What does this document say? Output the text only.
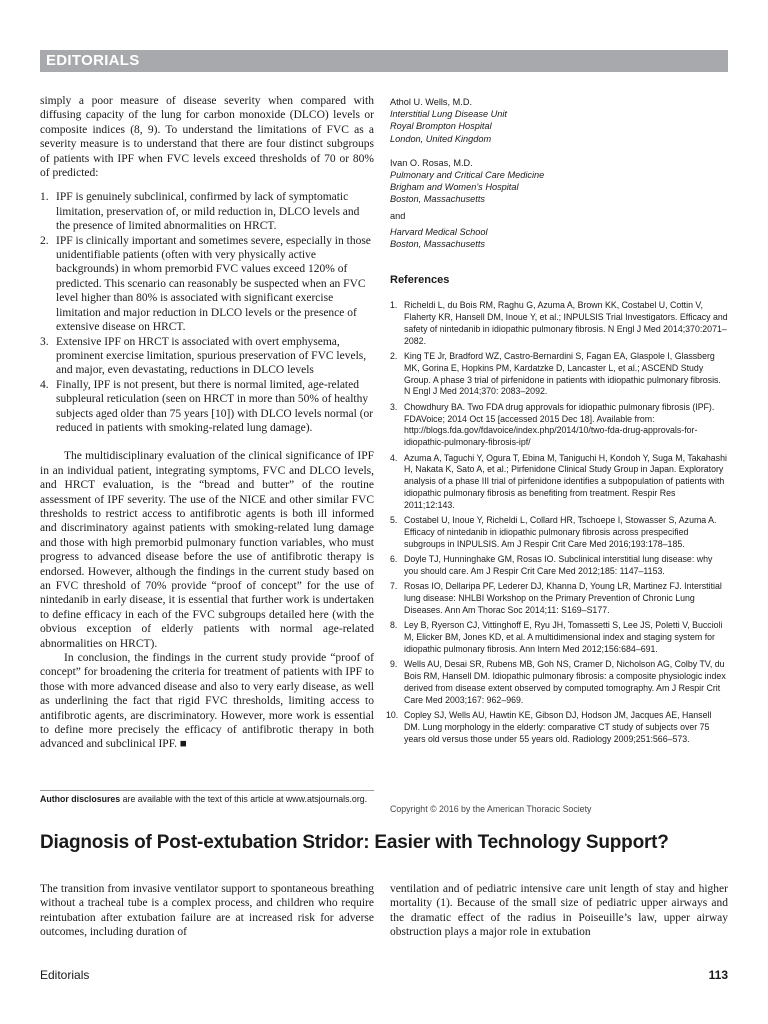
EDITORIALS

simply a poor measure of disease severity when compared with diffusing capacity of the lung for carbon monoxide (DLCO) levels or composite indices (8, 9). To understand the limitations of FVC as a severity measure is to understand that there are four distinct subgroups of patients with IPF when FVC levels exceed thresholds of 70 or 80% of predicted:

1. IPF is genuinely subclinical, confirmed by lack of symptomatic limitation, preservation of, or mild reduction in, DLCO levels and the presence of limited abnormalities on HRCT.
2. IPF is clinically important and sometimes severe, especially in those unidentifiable patients (often with very physically active backgrounds) in whom premorbid FVC values exceed 120% of predicted. This scenario can reasonably be suspected when an FVC level higher than 80% is associated with significant exercise limitation and major reduction in DLCO levels or the presence of extensive disease on HRCT.
3. Extensive IPF on HRCT is associated with overt emphysema, prominent exercise limitation, spurious preservation of FVC levels, and major, even devastating, reductions in DLCO levels
4. Finally, IPF is not present, but there is normal limited, age-related subpleural reticulation (seen on HRCT in more than 50% of healthy subjects aged older than 75 years [10]) with DLCO levels normal (or reduced in patients with smoking-related lung damage).

The multidisciplinary evaluation of the clinical significance of IPF in an individual patient, integrating symptoms, FVC and DLCO levels, and HRCT evaluation, is the “bread and butter” of the routine assessment of IPF severity. The use of the NICE and other similar FVC thresholds to restrict access to antifibrotic agents is both ill informed and discriminatory against patients with smoking-related lung damage and those with high premorbid pulmonary function variables, who must progress to advanced disease before the use of antifibrotic therapy is endorsed. However, although the findings in the current study based on an FVC threshold of 70% provide “proof of concept” for the use of nintedanib in early disease, it is essential that further work is undertaken to define efficacy in each of the FVC subgroups detailed here (with the obvious exception of elderly patients with normal age-related abnormalities on HRCT).

In conclusion, the findings in the current study provide “proof of concept” for broadening the criteria for treatment of patients with IPF to those with more advanced disease and also to very early disease, as well as underlining the fact that rigid FVC thresholds, limiting access to antifibrotic agents, are discriminatory. However, more work is essential to define more precisely the efficacy of antifibrotic therapy in both advanced and subclinical IPF. ■

Author disclosures are available with the text of this article at www.atsjournals.org.
Athol U. Wells, M.D.
Interstitial Lung Disease Unit
Royal Brompton Hospital
London, United Kingdom
Ivan O. Rosas, M.D.
Pulmonary and Critical Care Medicine
Brigham and Women’s Hospital
Boston, Massachusetts
and
Harvard Medical School
Boston, Massachusetts
References
1. Richeldi L, du Bois RM, Raghu G, Azuma A, Brown KK, Costabel U, Cottin V, Flaherty KR, Hansell DM, Inoue Y, et al.; INPULSIS Trial Investigators. Efficacy and safety of nintedanib in idiopathic pulmonary fibrosis. N Engl J Med 2014;370:2071–2082.
2. King TE Jr, Bradford WZ, Castro-Bernardini S, Fagan EA, Glaspole I, Glassberg MK, Gorina E, Hopkins PM, Kardatzke D, Lancaster L, et al.; ASCEND Study Group. A phase 3 trial of pirfenidone in patients with idiopathic pulmonary fibrosis. N Engl J Med 2014;370: 2083–2092.
3. Chowdhury BA. Two FDA drug approvals for idiopathic pulmonary fibrosis (IPF). FDAVoice; 2014 Oct 15 [accessed 2015 Dec 18]. Available from: http://blogs.fda.gov/fdavoice/index.php/2014/10/two-fda-drug-approvals-for-idiopathic-pulmonary-fibrosis-ipf/
4. Azuma A, Taguchi Y, Ogura T, Ebina M, Taniguchi H, Kondoh Y, Suga M, Takahashi H, Nakata K, Sato A, et al.; Pirfenidone Clinical Study Group in Japan. Exploratory analysis of a phase III trial of pirfenidone identifies a subpopulation of patients with idiopathic pulmonary fibrosis as benefiting from treatment. Respir Res 2011;12:143.
5. Costabel U, Inoue Y, Richeldi L, Collard HR, Tschoepe I, Stowasser S, Azuma A. Efficacy of nintedanib in idiopathic pulmonary fibrosis across prespecified subgroups in INPULSIS. Am J Respir Crit Care Med 2016;193:178–185.
6. Doyle TJ, Hunninghake GM, Rosas IO. Subclinical interstitial lung disease: why you should care. Am J Respir Crit Care Med 2012;185: 1147–1153.
7. Rosas IO, Dellaripa PF, Lederer DJ, Khanna D, Young LR, Martinez FJ. Interstitial lung disease: NHLBI Workshop on the Primary Prevention of Chronic Lung Diseases. Ann Am Thorac Soc 2014;11: S169–S177.
8. Ley B, Ryerson CJ, Vittinghoff E, Ryu JH, Tomassetti S, Lee JS, Poletti V, Buccioli M, Elicker BM, Jones KD, et al. A multidimensional index and staging system for idiopathic pulmonary fibrosis. Ann Intern Med 2012;156:684–691.
9. Wells AU, Desai SR, Rubens MB, Goh NS, Cramer D, Nicholson AG, Colby TV, du Bois RM, Hansell DM. Idiopathic pulmonary fibrosis: a composite physiologic index derived from disease extent observed by computed tomography. Am J Respir Crit Care Med 2003;167: 962–969.
10. Copley SJ, Wells AU, Hawtin KE, Gibson DJ, Hodson JM, Jacques AE, Hansell DM. Lung morphology in the elderly: comparative CT study of subjects over 75 years old versus those under 55 years old. Radiology 2009;251:566–573.
Copyright © 2016 by the American Thoracic Society
Diagnosis of Post-extubation Stridor: Easier with Technology Support?
The transition from invasive ventilator support to spontaneous breathing without a tracheal tube is a complex process, and children who require reintubation after extubation failure are at increased risk for adverse outcomes, including duration of
ventilation and of pediatric intensive care unit length of stay and higher mortality (1). Because of the small size of pediatric upper airways and the dramatic effect of the radius in Poiseuille’s law, upper airway obstruction plays a major role in extubation
Editorials	113
